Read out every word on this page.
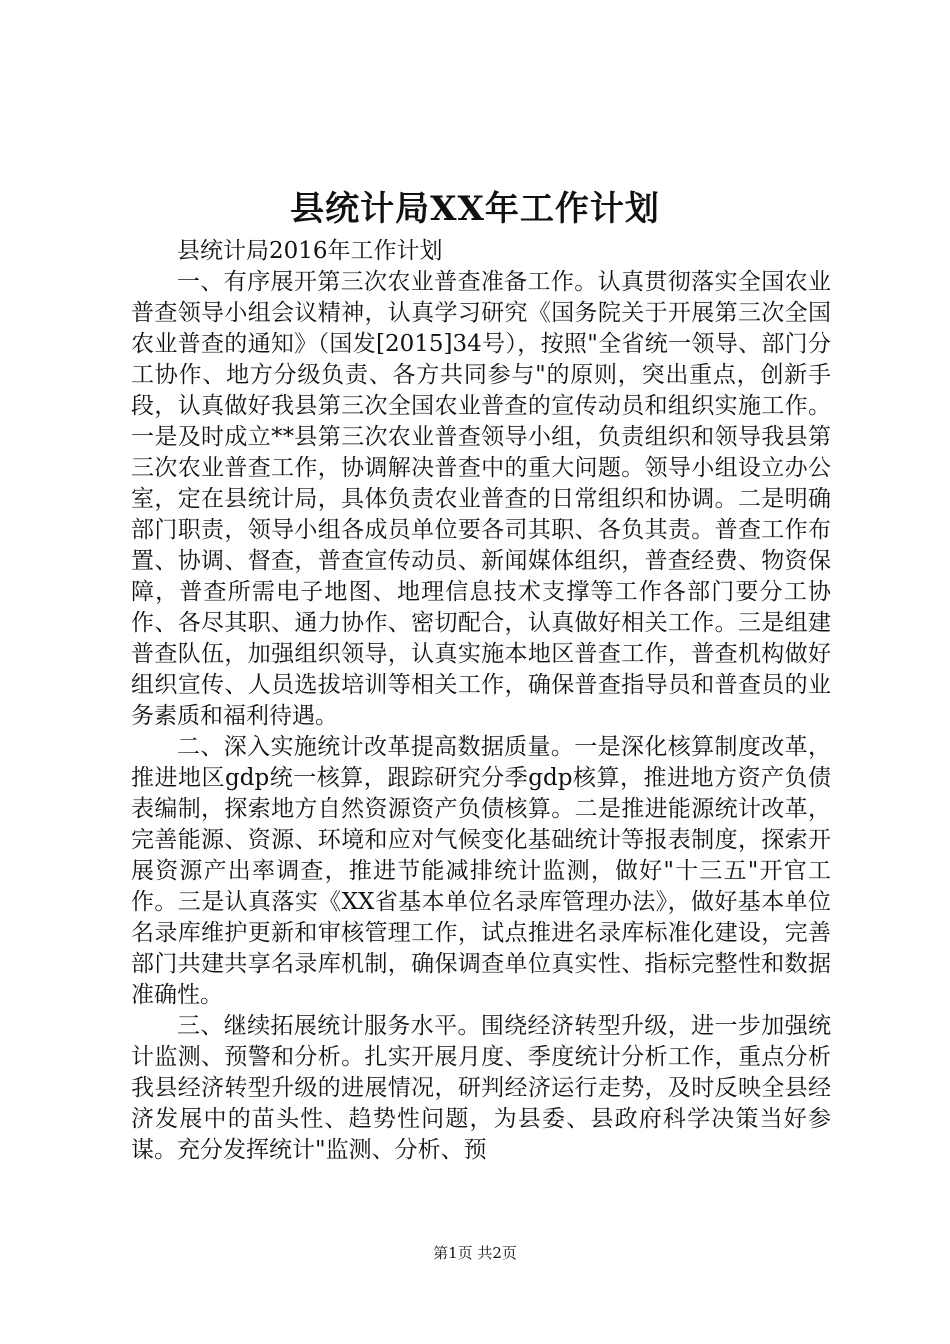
县统计局XX年工作计划

县统计局2016年工作计划

一、有序展开第三次农业普查准备工作。认真贯彻落实全国农业普查领导小组会议精神，认真学习研究《国务院关于开展第三次全国农业普查的通知》（国发[2015]34号），按照"全省统一领导、部门分工协作、地方分级负责、各方共同参与"的原则，突出重点，创新手段，认真做好我县第三次全国农业普查的宣传动员和组织实施工作。一是及时成立**县第三次农业普查领导小组，负责组织和领导我县第三次农业普查工作，协调解决普查中的重大问题。领导小组设立办公室，定在县统计局，具体负责农业普查的日常组织和协调。二是明确部门职责，领导小组各成员单位要各司其职、各负其责。普查工作布置、协调、督查，普查宣传动员、新闻媒体组织，普查经费、物资保障，普查所需电子地图、地理信息技术支撑等工作各部门要分工协作、各尽其职、通力协作、密切配合，认真做好相关工作。三是组建普查队伍，加强组织领导，认真实施本地区普查工作，普查机构做好组织宣传、人员选拔培训等相关工作，确保普查指导员和普查员的业务素质和福利待遇。

二、深入实施统计改革提高数据质量。一是深化核算制度改革，推进地区gdp统一核算，跟踪研究分季gdp核算，推进地方资产负债表编制，探索地方自然资源资产负债核算。二是推进能源统计改革，完善能源、资源、环境和应对气候变化基础统计等报表制度，探索开展资源产出率调查，推进节能减排统计监测，做好"十三五"开官工作。三是认真落实《XX省基本单位名录库管理办法》，做好基本单位名录库维护更新和审核管理工作，试点推进名录库标准化建设，完善部门共建共享名录库机制，确保调查单位真实性、指标完整性和数据准确性。

三、继续拓展统计服务水平。围绕经济转型升级，进一步加强统计监测、预警和分析。扎实开展月度、季度统计分析工作，重点分析我县经济转型升级的进展情况，研判经济运行走势，及时反映全县经济发展中的苗头性、趋势性问题，为县委、县政府科学决策当好参谋。充分发挥统计"监测、分析、预

第1页 共2页
